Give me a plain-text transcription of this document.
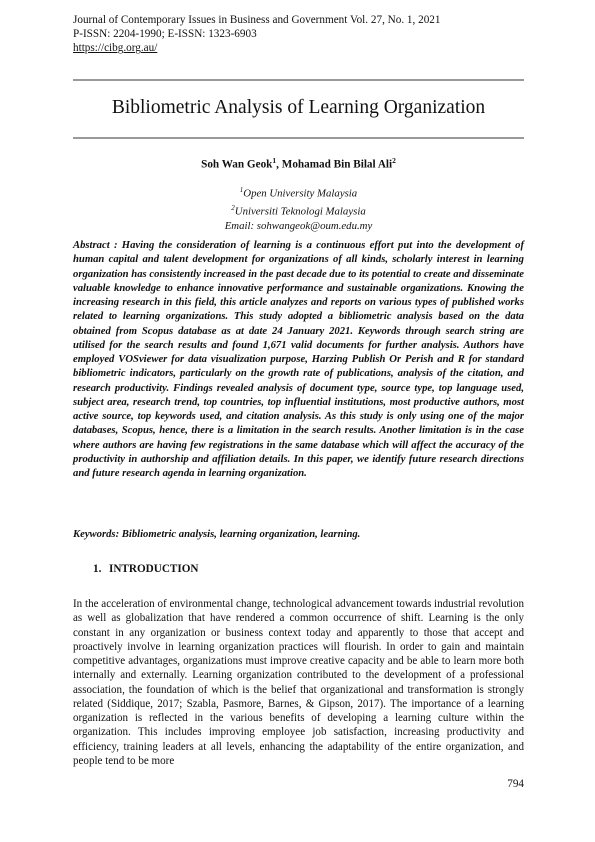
Journal of Contemporary Issues in Business and Government Vol. 27, No. 1, 2021
P-ISSN: 2204-1990; E-ISSN: 1323-6903
https://cibg.org.au/
Bibliometric Analysis of Learning Organization
Soh Wan Geok$^1$, Mohamad Bin Bilal Ali$^2$
$^1$Open University Malaysia
$^2$Universiti Teknologi Malaysia
Email: sohwangeok@oum.edu.my
Abstract : Having the consideration of learning is a continuous effort put into the development of human capital and talent development for organizations of all kinds, scholarly interest in learning organization has consistently increased in the past decade due to its potential to create and disseminate valuable knowledge to enhance innovative performance and sustainable organizations. Knowing the increasing research in this field, this article analyzes and reports on various types of published works related to learning organizations. This study adopted a bibliometric analysis based on the data obtained from Scopus database as at date 24 January 2021. Keywords through search string are utilised for the search results and found 1,671 valid documents for further analysis. Authors have employed VOSviewer for data visualization purpose, Harzing Publish Or Perish and R for standard bibliometric indicators, particularly on the growth rate of publications, analysis of the citation, and research productivity. Findings revealed analysis of document type, source type, top language used, subject area, research trend, top countries, top influential institutions, most productive authors, most active source, top keywords used, and citation analysis. As this study is only using one of the major databases, Scopus, hence, there is a limitation in the search results. Another limitation is in the case where authors are having few registrations in the same database which will affect the accuracy of the productivity in authorship and affiliation details. In this paper, we identify future research directions and future research agenda in learning organization.
Keywords: Bibliometric analysis, learning organization, learning.
1. INTRODUCTION
In the acceleration of environmental change, technological advancement towards industrial revolution as well as globalization that have rendered a common occurrence of shift. Learning is the only constant in any organization or business context today and apparently to those that accept and proactively involve in learning organization practices will flourish. In order to gain and maintain competitive advantages, organizations must improve creative capacity and be able to learn more both internally and externally. Learning organization contributed to the development of a professional association, the foundation of which is the belief that organizational and transformation is strongly related (Siddique, 2017; Szabla, Pasmore, Barnes, & Gipson, 2017). The importance of a learning organization is reflected in the various benefits of developing a learning culture within the organization. This includes improving employee job satisfaction, increasing productivity and efficiency, training leaders at all levels, enhancing the adaptability of the entire organization, and people tend to be more
794
